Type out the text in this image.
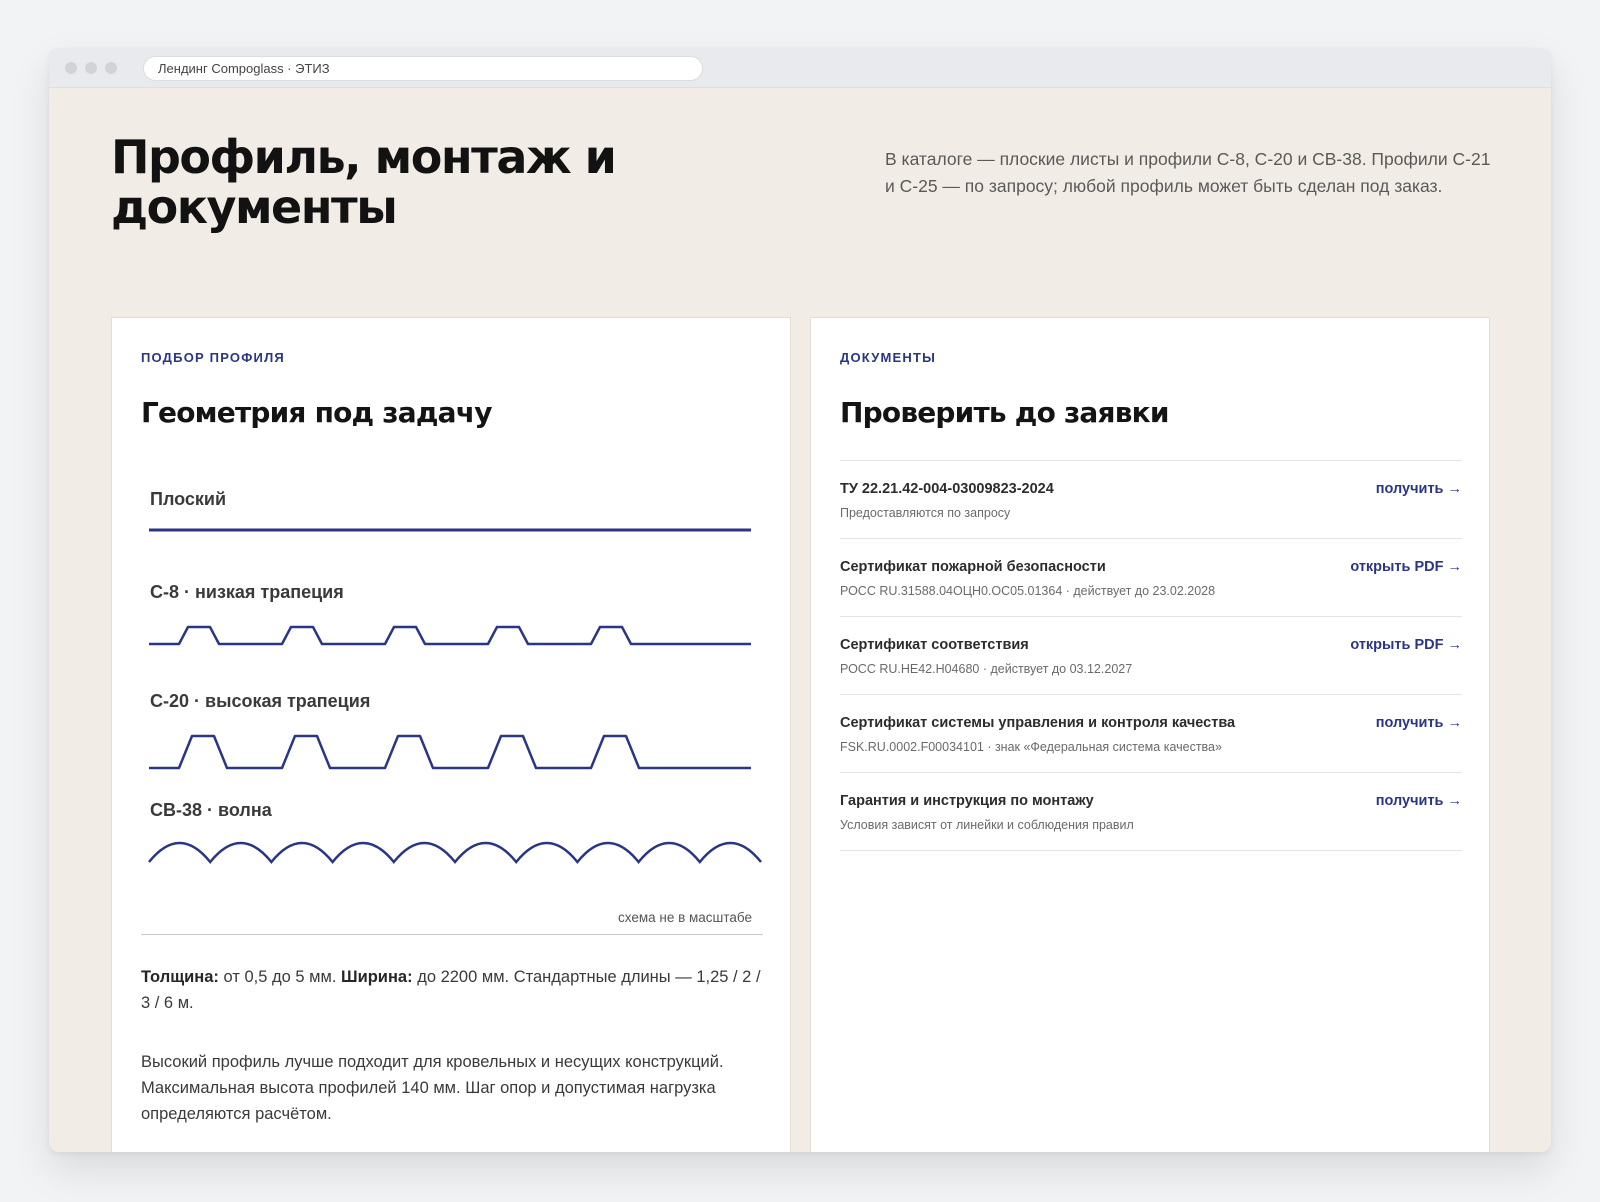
Лендинг Compoglass · ЭТИЗ
Профиль, монтаж и документы

В каталоге — плоские листы и профили С-8, С-20 и СВ-38. Профили С-21 и С-25 — по запросу; любой профиль может быть сделан под заказ.

ПОДБОР ПРОФИЛЯ
Геометрия под задачу
Плоский
С-8 · низкая трапеция
С-20 · высокая трапеция
СВ-38 · волна
схема не в масштабе

Толщина: от 0,5 до 5 мм. Ширина: до 2200 мм. Стандартные длины — 1,25 / 2 / 3 / 6 м.

Высокий профиль лучше подходит для кровельных и несущих конструкций. Максимальная высота профилей 140 мм. Шаг опор и допустимая нагрузка определяются расчётом.

ДОКУМЕНТЫ
Проверить до заявки
ТУ 22.21.42-004-03009823-2024
Предоставляются по запросу
получить →
Сертификат пожарной безопасности
РОСС RU.31588.04ОЦН0.ОС05.01364 · действует до 23.02.2028
открыть PDF →
Сертификат соответствия
РОСС RU.НЕ42.Н04680 · действует до 03.12.2027
открыть PDF →
Сертификат системы управления и контроля качества
FSK.RU.0002.F00034101 · знак «Федеральная система качества»
получить →
Гарантия и инструкция по монтажу
Условия зависят от линейки и соблюдения правил
получить →
